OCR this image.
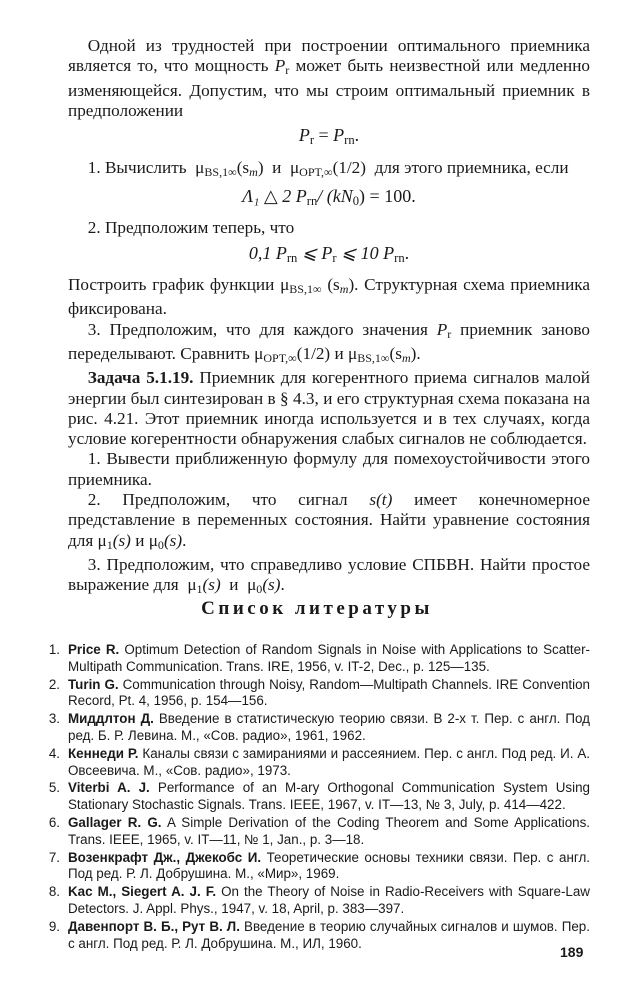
Одной из трудностей при построении оптимального приемника является то, что мощность $P_r$ может быть неизвестной или медленно изменяющейся. Допустим, что мы строим оптимальный приемник в предположении

$P_r = P_{rn}$.

1. Вычислить $\mu_{BS,1\infty}(s_m)$ и $\mu_{OPT,\infty}(1/2)$ для этого приемника, если

Λ₁ △ 2 $P_{rn}/$ $(kN_0) = 100$.

2. Предположим теперь, что

0,1 $P_{rn}$ ⩽ $P_r$ ⩽ 10 $P_{rn}$.

Построить график функции $\mu_{BS,1\infty}$ $(s_m)$. Структурная схема приемника фиксирована.

3. Предположим, что для каждого значения $P_r$ приемник заново переделывают. Сравнить $\mu_{OPT,\infty}(1/2)$ и $\mu_{BS,1\infty}(s_m)$.

Задача 5.1.19. Приемник для когерентного приема сигналов малой энергии был синтезирован в § 4.3, и его структурная схема показана на рис. 4.21. Этот приемник иногда используется и в тех случаях, когда условие когерентности обнаружения слабых сигналов не соблюдается.

1. Вывести приближенную формулу для помехоустойчивости этого приемника.

2. Предположим, что сигнал s(t) имеет конечномерное представление в переменных состояния. Найти уравнение состояния для $\mu_1(s)$ и $\mu_0(s)$.

3. Предположим, что справедливо условие СПБВН. Найти простое выражение для $\mu_1(s)$ и $\mu_0(s)$.

Список литературы
1. Price R. Optimum Detection of Random Signals in Noise with Applications to Scatter-Multipath Communication. Trans. IRE, 1956, v. IT-2, Dec., p. 125—135.
2. Turin G. Communication through Noisy, Random—Multipath Channels. IRE Convention Record, Pt. 4, 1956, p. 154—156.
3. Миддлтон Д. Введение в статистическую теорию связи. В 2-х т. Пер. с англ. Под ред. Б. Р. Левина. М., «Сов. радио», 1961, 1962.
4. Кеннеди Р. Каналы связи с замираниями и рассеянием. Пер. с англ. Под ред. И. А. Овсеевича. М., «Сов. радио», 1973.
5. Viterbi A. J. Performance of an M-ary Orthogonal Communication System Using Stationary Stochastic Signals. Trans. IEEE, 1967, v. IT—13, № 3, July, p. 414—422.
6. Gallager R. G. A Simple Derivation of the Coding Theorem and Some Applications. Trans. IEEE, 1965, v. IT—11, № 1, Jan., p. 3—18.
7. Возенкрафт Дж., Джекобс И. Теоретические основы техники связи. Пер. с англ. Под ред. Р. Л. Добрушина. М., «Мир», 1969.
8. Kac M., Siegert A. J. F. On the Theory of Noise in Radio-Receivers with Square-Law Detectors. J. Appl. Phys., 1947, v. 18, April, p. 383—397.
9. Давенпорт В. Б., Рут В. Л. Введение в теорию случайных сигналов и шумов. Пер. с англ. Под ред. Р. Л. Добрушина. М., ИЛ, 1960.
189
